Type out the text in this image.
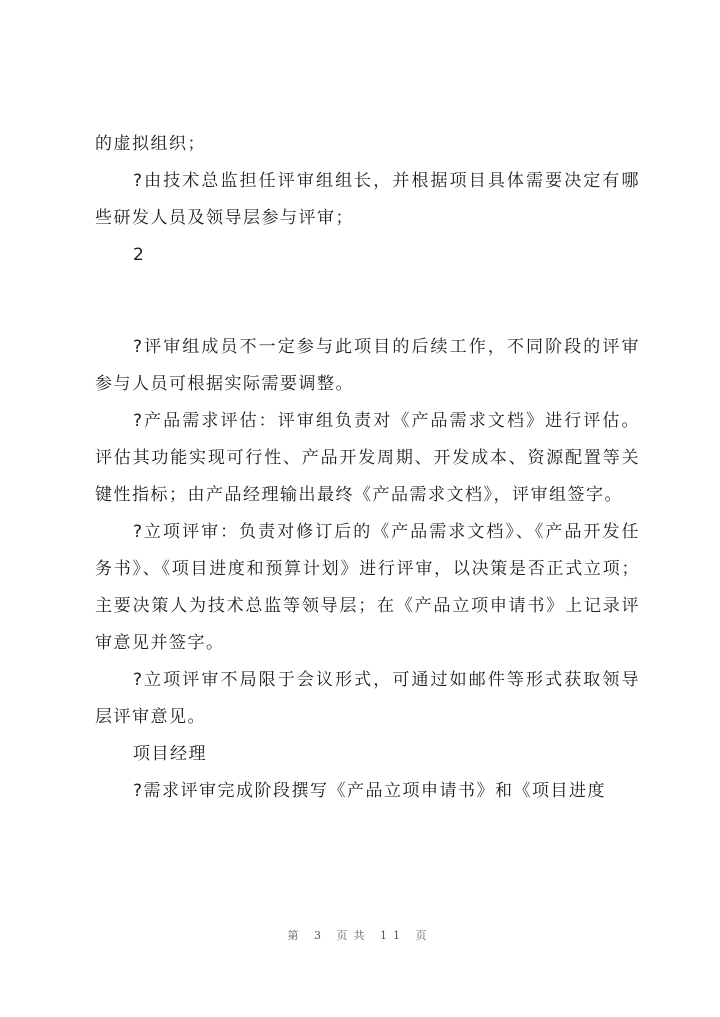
的虚拟组织；

?由技术总监担任评审组组长，并根据项目具体需要决定有哪些研发人员及领导层参与评审；

2

?评审组成员不一定参与此项目的后续工作，不同阶段的评审参与人员可根据实际需要调整。

?产品需求评估：评审组负责对《产品需求文档》进行评估。评估其功能实现可行性、产品开发周期、开发成本、资源配置等关键性指标；由产品经理输出最终《产品需求文档》，评审组签字。

?立项评审：负责对修订后的《产品需求文档》、《产品开发任务书》、《项目进度和预算计划》进行评审，以决策是否正式立项；主要决策人为技术总监等领导层；在《产品立项申请书》上记录评审意见并签字。

?立项评审不局限于会议形式，可通过如邮件等形式获取领导层评审意见。

项目经理

?需求评审完成阶段撰写《产品立项申请书》和《项目进度

第 3 页共 11 页
